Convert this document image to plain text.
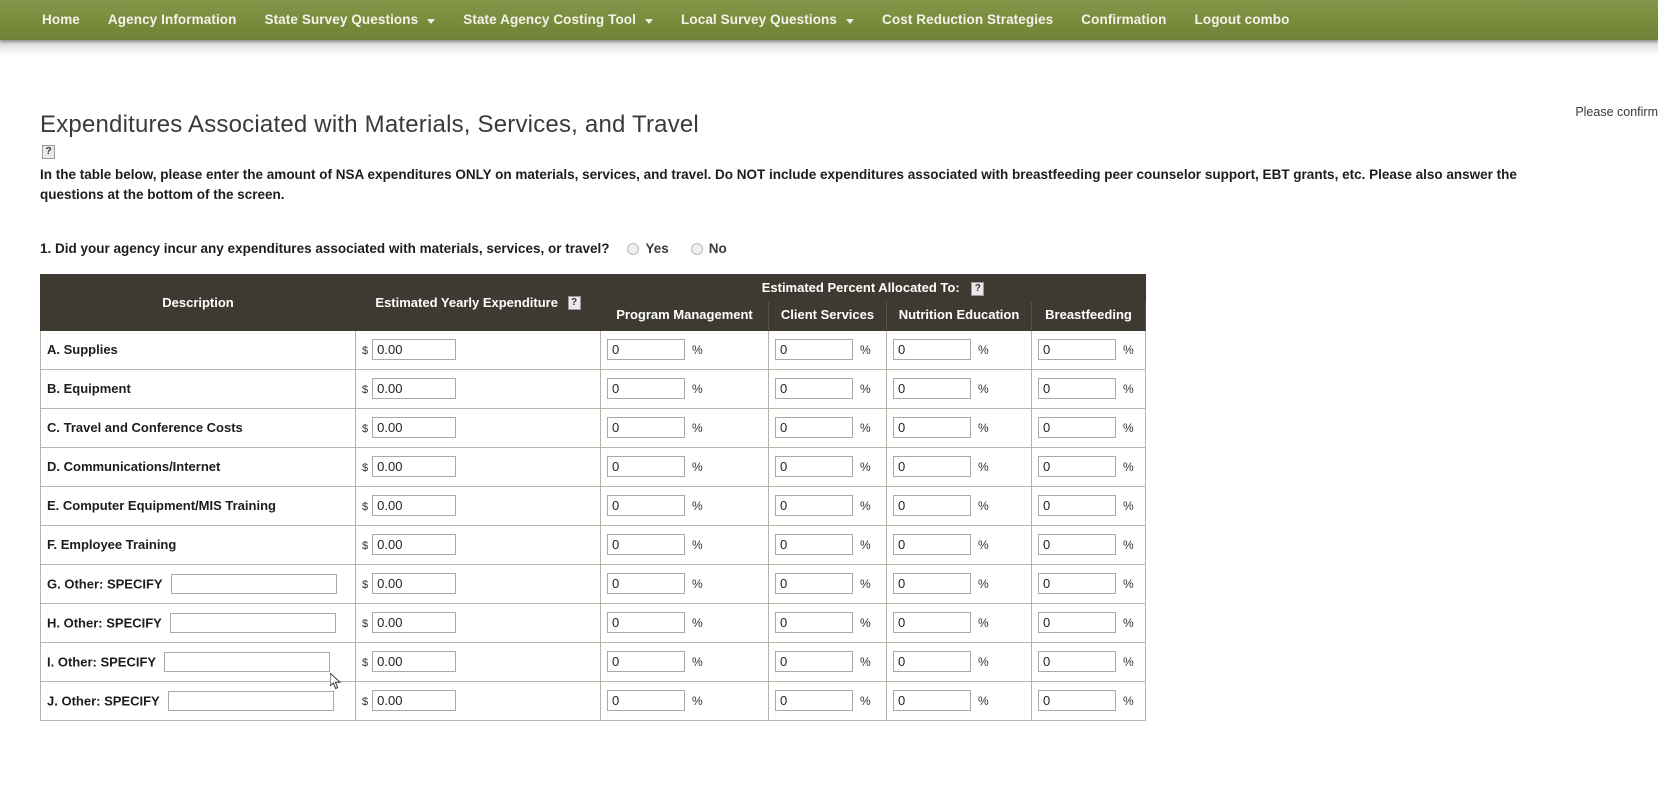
Home Agency Information State Survey Questions	State Agency Costing Tool	Local Survey Questions	Cost Reduction Strategies Confirmation Logout combo
Please confirm
Expenditures Associated with Materials, Services, and Travel
?

In the table below, please enter the amount of NSA expenditures ONLY on materials, services, and travel. Do NOT include expenditures associated with breastfeeding peer counselor support, EBT grants, etc. Please also answer the questions at the bottom of the screen.

1. Did your agency incur any expenditures associated with materials, services, or travel?	Yes	No
Description	Estimated Yearly Expenditure ?	Estimated Percent Allocated To: ?			
		Program Management	Client Services	Nutrition Education	Breastfeeding
A. Supplies	$0.00	0%	0%	0%	0%
B. Equipment	$0.00	0%	0%	0%	0%
C. Travel and Conference Costs	$0.00	0%	0%	0%	0%
D. Communications/Internet	$0.00	0%	0%	0%	0%
E. Computer Equipment/MIS Training	$0.00	0%	0%	0%	0%
F. Employee Training	$0.00	0%	0%	0%	0%
G. Other: SPECIFY	$0.00	0%	0%	0%	0%
H. Other: SPECIFY	$0.00	0%	0%	0%	0%
I. Other: SPECIFY	$0.00	0%	0%	0%	0%
J. Other: SPECIFY	$0.00	0%	0%	0%	0%
